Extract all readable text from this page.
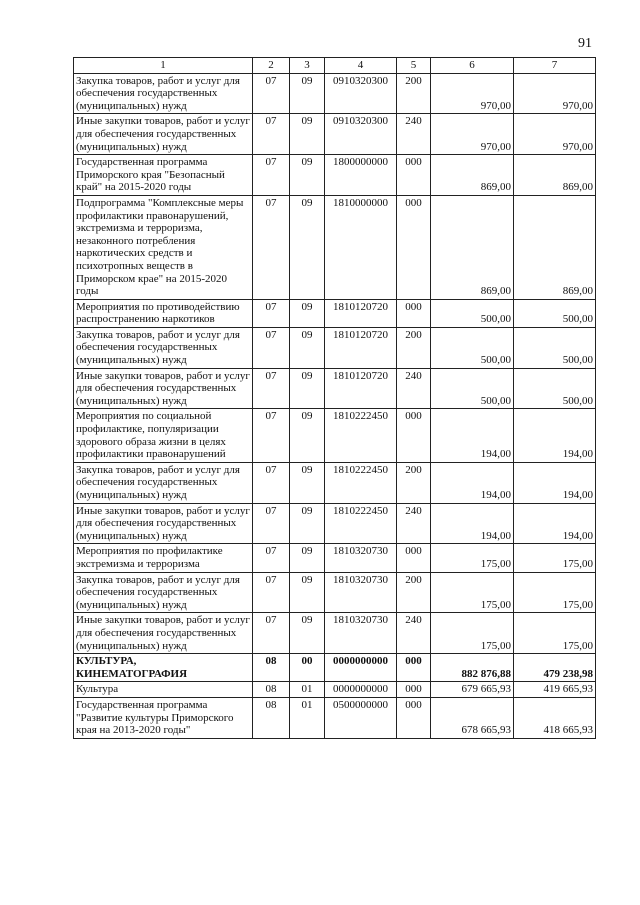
91
1	2	3	4	5	6	7
Закупка товаров, работ и услуг для обеспечения государственных (муниципальных) нужд	07	09	0910320300	200	970,00	970,00
Иные закупки товаров, работ и услуг для обеспечения государственных (муниципальных) нужд	07	09	0910320300	240	970,00	970,00
Государственная программа Приморского края "Безопасный край" на 2015-2020 годы	07	09	1800000000	000	869,00	869,00
Подпрограмма "Комплексные меры профилактики правонарушений, экстремизма и терроризма, незаконного потребления наркотических средств и психотропных веществ в Приморском крае" на 2015-2020 годы	07	09	1810000000	000	869,00	869,00
Мероприятия по противодействию распространению наркотиков	07	09	1810120720	000	500,00	500,00
Закупка товаров, работ и услуг для обеспечения государственных (муниципальных) нужд	07	09	1810120720	200	500,00	500,00
Иные закупки товаров, работ и услуг для обеспечения государственных (муниципальных) нужд	07	09	1810120720	240	500,00	500,00
Мероприятия по социальной профилактике, популяризации здорового образа жизни в целях профилактики правонарушений	07	09	1810222450	000	194,00	194,00
Закупка товаров, работ и услуг для обеспечения государственных (муниципальных) нужд	07	09	1810222450	200	194,00	194,00
Иные закупки товаров, работ и услуг для обеспечения государственных (муниципальных) нужд	07	09	1810222450	240	194,00	194,00
Мероприятия по профилактике экстремизма и терроризма	07	09	1810320730	000	175,00	175,00
Закупка товаров, работ и услуг для обеспечения государственных (муниципальных) нужд	07	09	1810320730	200	175,00	175,00
Иные закупки товаров, работ и услуг для обеспечения государственных (муниципальных) нужд	07	09	1810320730	240	175,00	175,00
КУЛЬТУРА, КИНЕМАТОГРАФИЯ	08	00	0000000000	000	882 876,88	479 238,98
Культура	08	01	0000000000	000	679 665,93	419 665,93
Государственная программа "Развитие культуры Приморского края на 2013-2020 годы"	08	01	0500000000	000	678 665,93	418 665,93
